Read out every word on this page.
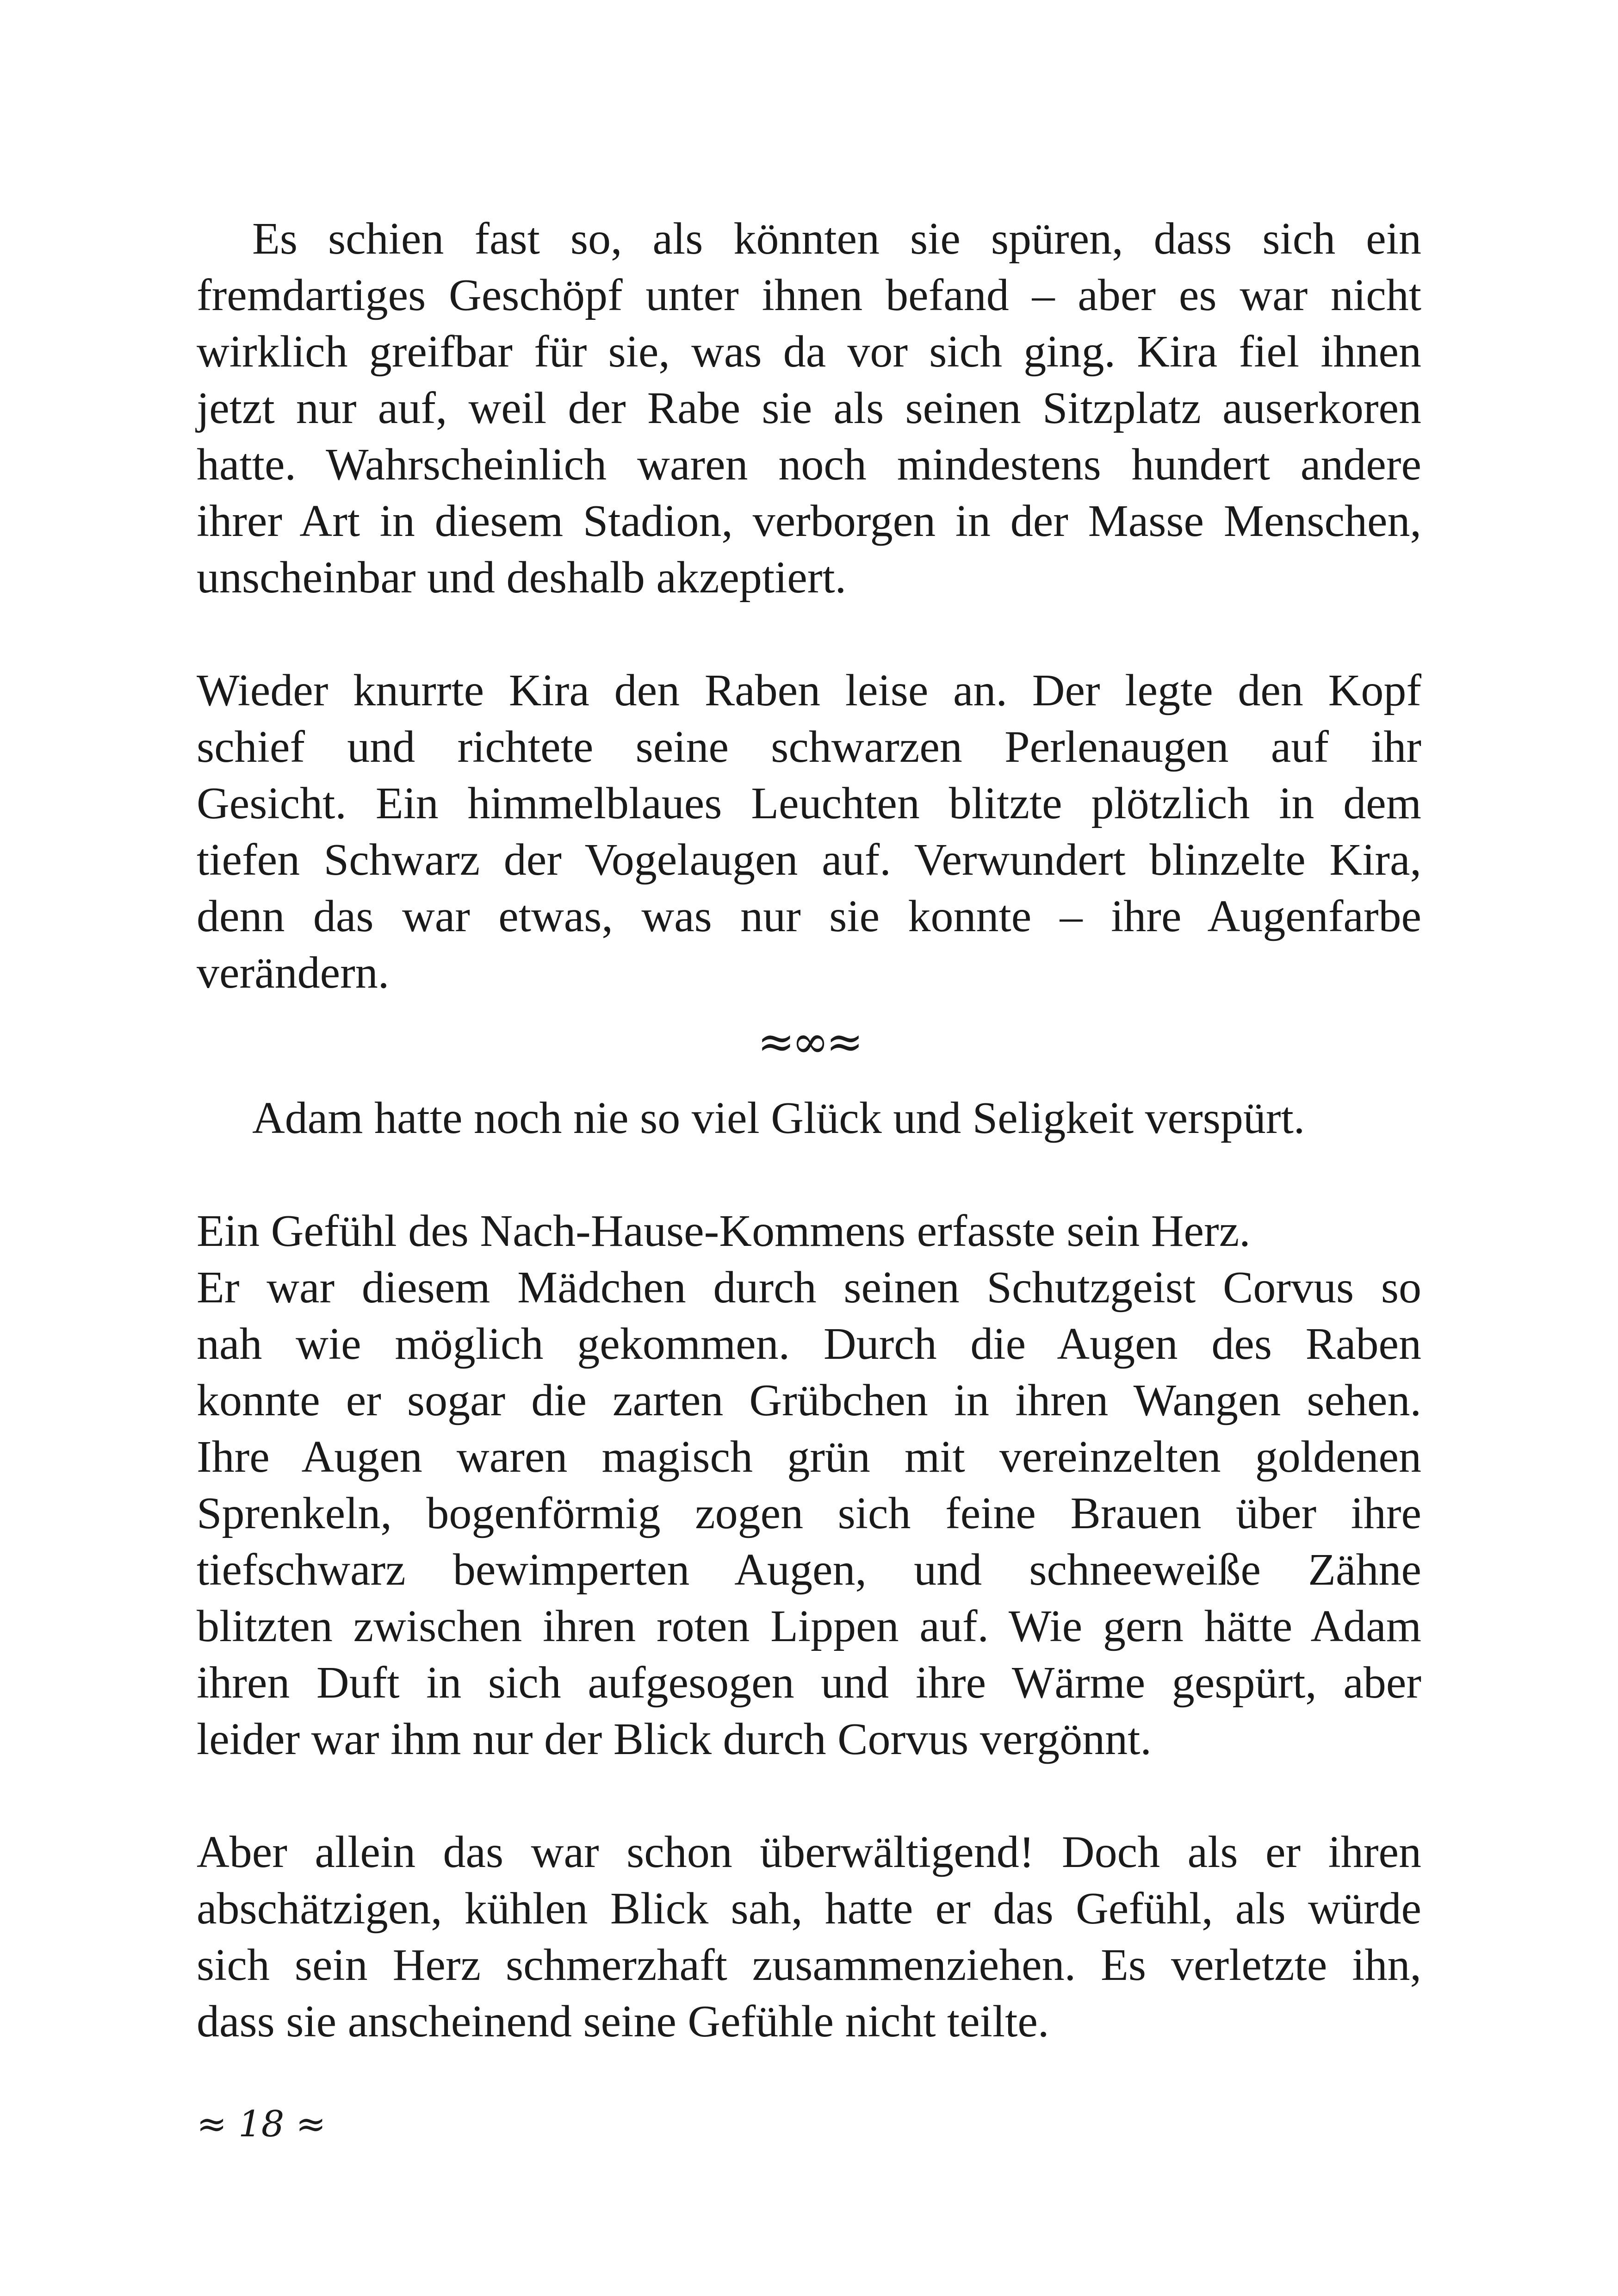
Es schien fast so, als könnten sie spüren, dass sich ein
fremdartiges Geschöpf unter ihnen befand – aber es war nicht
wirklich greifbar für sie, was da vor sich ging. Kira fiel ihnen
jetzt nur auf, weil der Rabe sie als seinen Sitzplatz auserkoren
hatte. Wahrscheinlich waren noch mindestens hundert andere
ihrer Art in diesem Stadion, verborgen in der Masse Menschen,
unscheinbar und deshalb akzeptiert.
Wieder knurrte Kira den Raben leise an. Der legte den Kopf
schief und richtete seine schwarzen Perlenaugen auf ihr
Gesicht. Ein himmelblaues Leuchten blitzte plötzlich in dem
tiefen Schwarz der Vogelaugen auf. Verwundert blinzelte Kira,
denn das war etwas, was nur sie konnte – ihre Augenfarbe
verändern.
≈∞≈
Adam hatte noch nie so viel Glück und Seligkeit verspürt.
Ein Gefühl des Nach-Hause-Kommens erfasste sein Herz.
Er war diesem Mädchen durch seinen Schutzgeist Corvus so
nah wie möglich gekommen. Durch die Augen des Raben
konnte er sogar die zarten Grübchen in ihren Wangen sehen.
Ihre Augen waren magisch grün mit vereinzelten goldenen
Sprenkeln, bogenförmig zogen sich feine Brauen über ihre
tiefschwarz bewimperten Augen, und schneeweiße Zähne
blitzten zwischen ihren roten Lippen auf. Wie gern hätte Adam
ihren Duft in sich aufgesogen und ihre Wärme gespürt, aber
leider war ihm nur der Blick durch Corvus vergönnt.
Aber allein das war schon überwältigend! Doch als er ihren
abschätzigen, kühlen Blick sah, hatte er das Gefühl, als würde
sich sein Herz schmerzhaft zusammenziehen. Es verletzte ihn,
dass sie anscheinend seine Gefühle nicht teilte.
≈ 18 ≈
